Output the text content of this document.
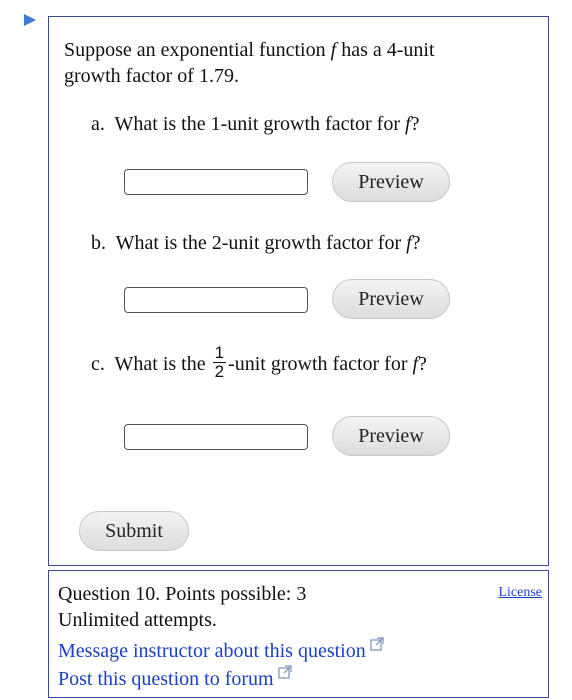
Suppose an exponential function f has a 4-unit
growth factor of 1.79.
a. What is the 1-unit growth factor for f?
Preview
b. What is the 2-unit growth factor for f?
Preview
c. What is the $\frac{1}{2}$ -unit growth factor for f?
Preview
Submit
Question 10. Points possible: 3
Unlimited attempts.
Message instructor about this question
Post this question to forum
License
